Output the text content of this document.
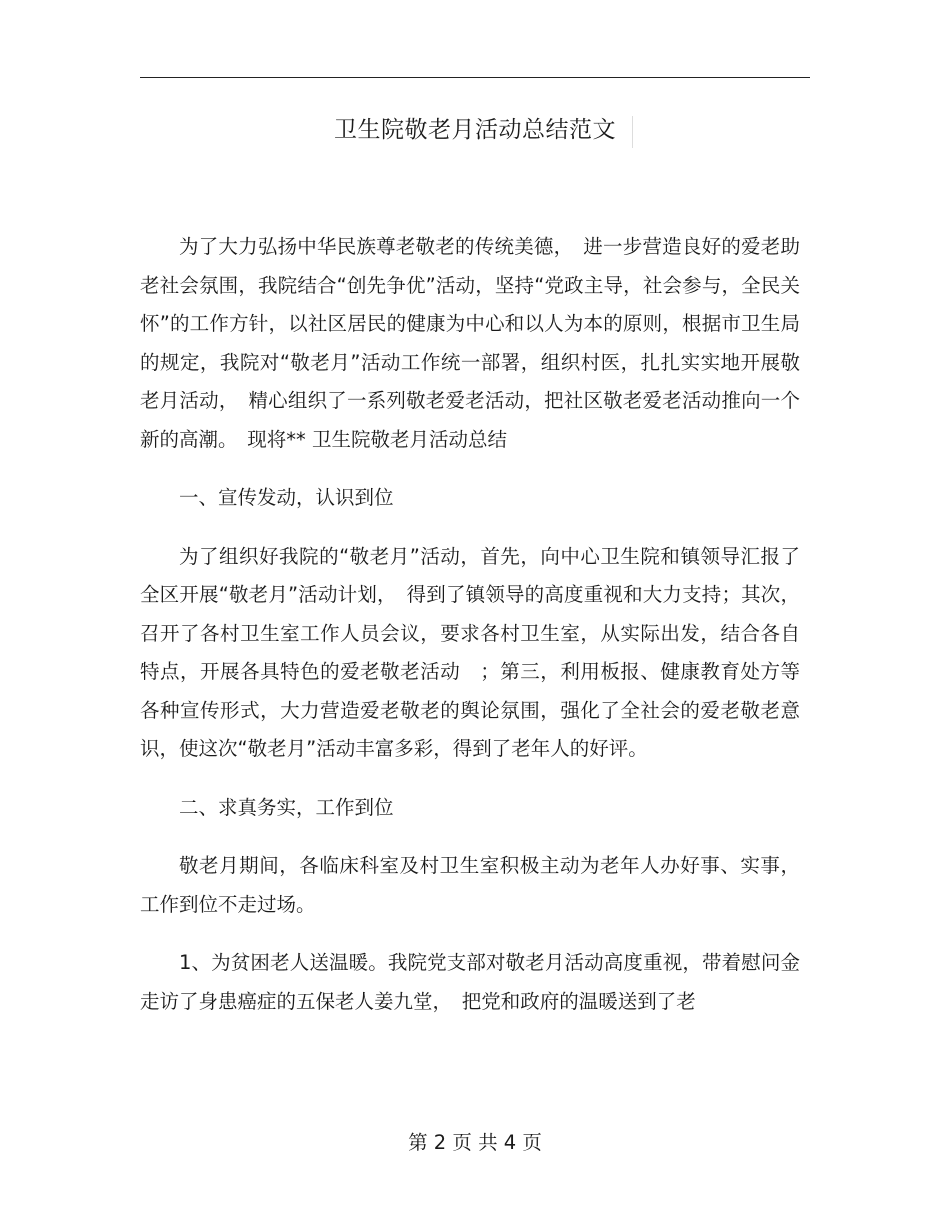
卫生院敬老月活动总结范文

为了大力弘扬中华民族尊老敬老的传统美德，　进一步营造良好的爱老助老社会氛围，我院结合“创先争优”活动，坚持“党政主导，社会参与，全民关怀”的工作方针，以社区居民的健康为中心和以人为本的原则，根据市卫生局的规定，我院对“敬老月”活动工作统一部署，组织村医，扎扎实实地开展敬老月活动，　精心组织了一系列敬老爱老活动，把社区敬老爱老活动推向一个新的高潮。　现将** 卫生院敬老月活动总结

一、宣传发动，认识到位

为了组织好我院的“敬老月”活动，首先，向中心卫生院和镇领导汇报了全区开展“敬老月”活动计划，　得到了镇领导的高度重视和大力支持；其次，召开了各村卫生室工作人员会议，要求各村卫生室，从实际出发，结合各自特点，开展各具特色的爱老敬老活动　；第三，利用板报、健康教育处方等各种宣传形式，大力营造爱老敬老的舆论氛围，强化了全社会的爱老敬老意识，使这次“敬老月”活动丰富多彩，得到了老年人的好评。

二、求真务实，工作到位

敬老月期间，各临床科室及村卫生室积极主动为老年人办好事、实事，工作到位不走过场。

1、为贫困老人送温暖。我院党支部对敬老月活动高度重视，带着慰问金走访了身患癌症的五保老人姜九堂，　把党和政府的温暖送到了老

第 2 页 共 4 页
